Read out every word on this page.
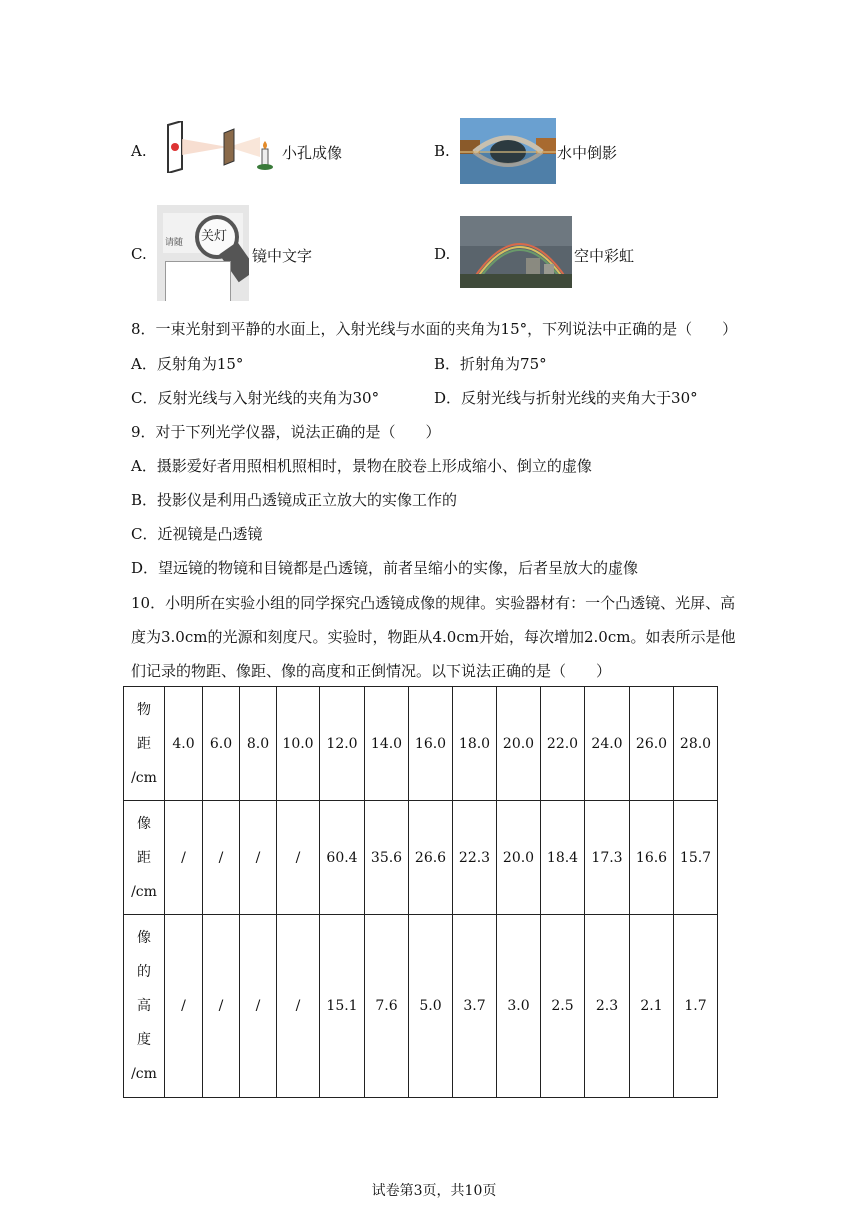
A.	小孔成像	B.	水中倒影
C.
请随 关灯
镜中文字	D.	空中彩虹
8．一束光射到平静的水面上，入射光线与水面的夹角为15°，下列说法中正确的是（　　）
A．反射角为15°	B．折射角为75°
C．反射光线与入射光线的夹角为30°	D．反射光线与折射光线的夹角大于30°
9．对于下列光学仪器，说法正确的是（　　）
A．摄影爱好者用照相机照相时，景物在胶卷上形成缩小、倒立的虚像
B．投影仪是利用凸透镜成正立放大的实像工作的
C．近视镜是凸透镜
D．望远镜的物镜和目镜都是凸透镜，前者呈缩小的实像，后者呈放大的虚像
10．小明所在实验小组的同学探究凸透镜成像的规律。实验器材有：一个凸透镜、光屏、高
度为3.0cm的光源和刻度尺。实验时，物距从4.0cm开始，每次增加2.0cm。如表所示是他
们记录的物距、像距、像的高度和正倒情况。以下说法正确的是（　　）
物
距
/cm	4.0	6.0	8.0	10.0	12.0	14.0	16.0	18.0	20.0	22.0	24.0	26.0	28.0

像
距
/cm	/	/	/	/	60.4	35.6	26.6	22.3	20.0	18.4	17.3	16.6	15.7

像
的
高
度
/cm	/	/	/	/	15.1	7.6	5.0	3.7	3.0	2.5	2.3	2.1	1.7
试卷第3页，共10页
